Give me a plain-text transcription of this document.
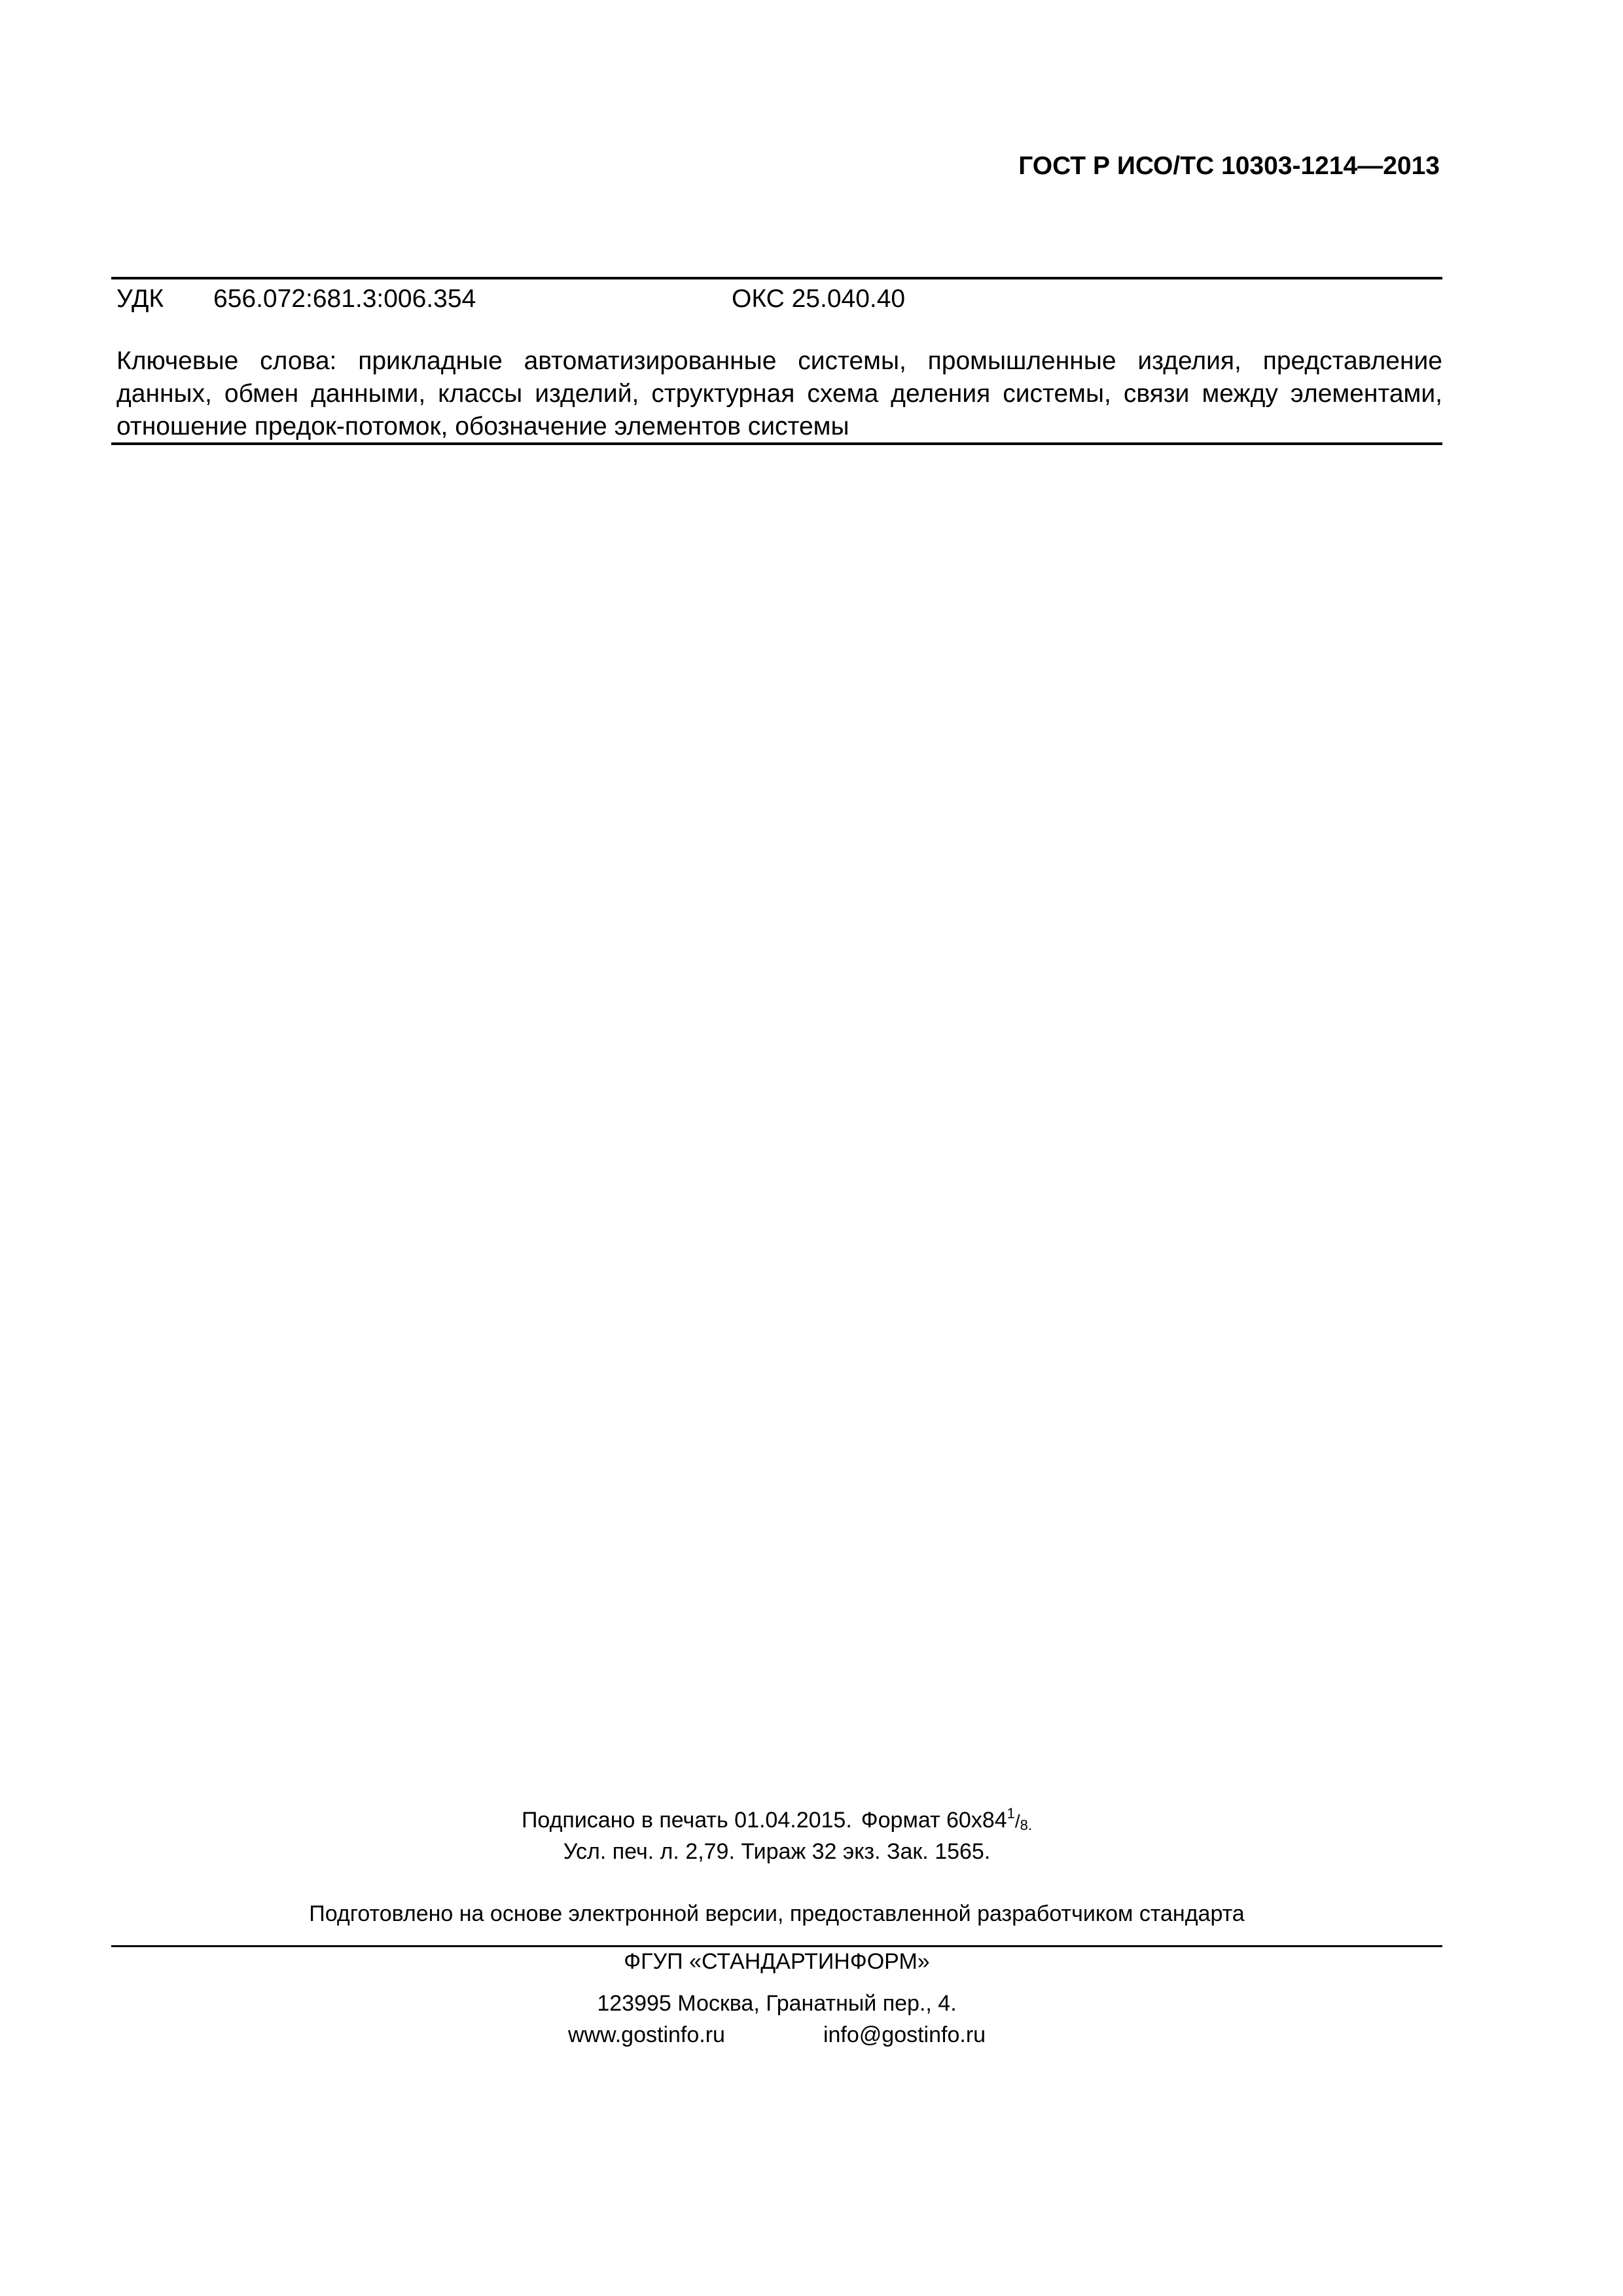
ГОСТ Р ИСО/ТС 10303-1214—2013
УДК 656.072:681.3:006.354	ОКС 25.040.40
Ключевые слова: прикладные автоматизированные системы, промышленные изделия, представление данных, обмен данными, классы изделий, структурная схема деления системы, связи между элементами, отношение предок-потомок, обозначение элементов системы
Подписано в печать 01.04.2015. Формат $60х84^1/_{8.}$
Усл. печ. л. 2,79. Тираж 32 экз. Зак. 1565.
Подготовлено на основе электронной версии, предоставленной разработчиком стандарта
ФГУП «СТАНДАРТИНФОРМ»
123995 Москва, Гранатный пер., 4.
www.gostinfo.ru	info@gostinfo.ru
